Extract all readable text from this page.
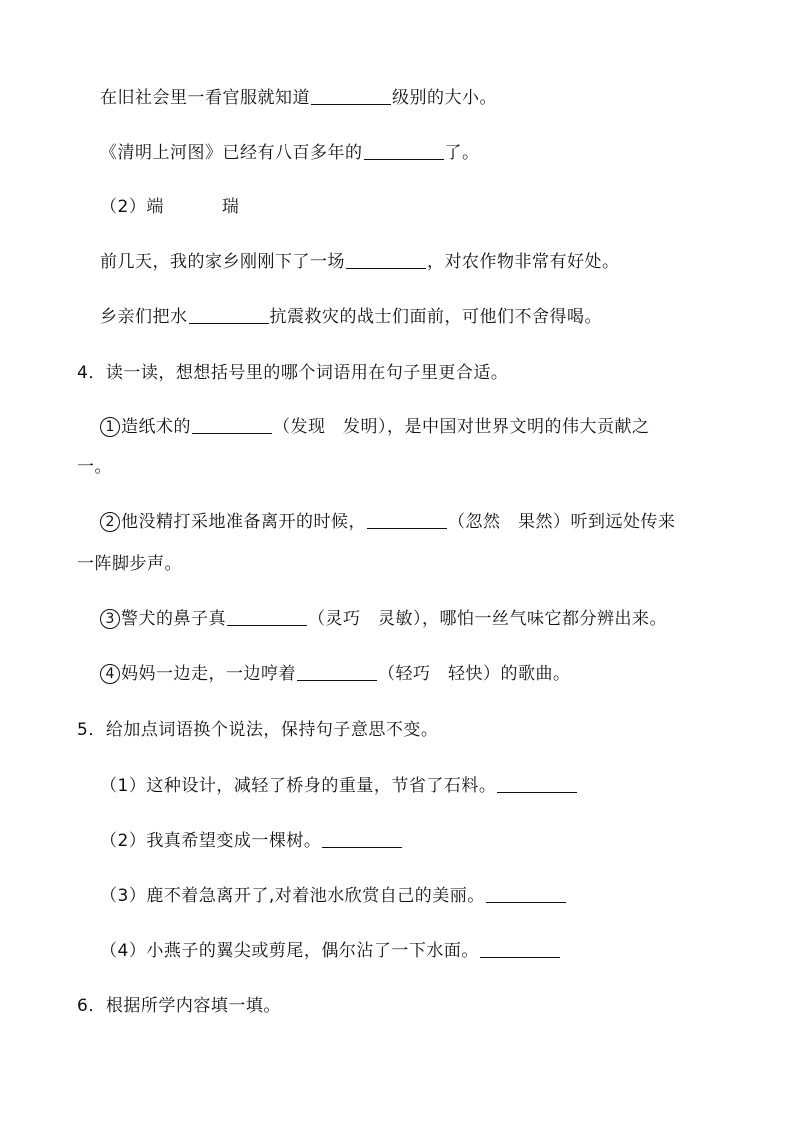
在旧社会里一看官服就知道	级别的大小。
《清明上河图》已经有八百多年的	了。
（2）端	瑞
前几天，我的家乡刚刚下了一场	，对农作物非常有好处。
乡亲们把水	抗震救灾的战士们面前，可他们不舍得喝。
4．读一读，想想括号里的哪个词语用在句子里更合适。
1 造纸术的	（发现　发明），是中国对世界文明的伟大贡献之
一。
2 他没精打采地准备离开的时候，	（忽然　果然）听到远处传来
一阵脚步声。
3 警犬的鼻子真	（灵巧　灵敏），哪怕一丝气味它都分辨出来。
4 妈妈一边走，一边哼着	（轻巧　轻快）的歌曲。
5．给加点词语换个说法，保持句子意思不变。
（1）这种设计，减轻了桥身的重量，节省了石料。
（2）我真希望变成一棵树。
（3）鹿不着急离开了,对着池水欣赏自己的美丽。
（4）小燕子的翼尖或剪尾，偶尔沾了一下水面。
6．根据所学内容填一填。
